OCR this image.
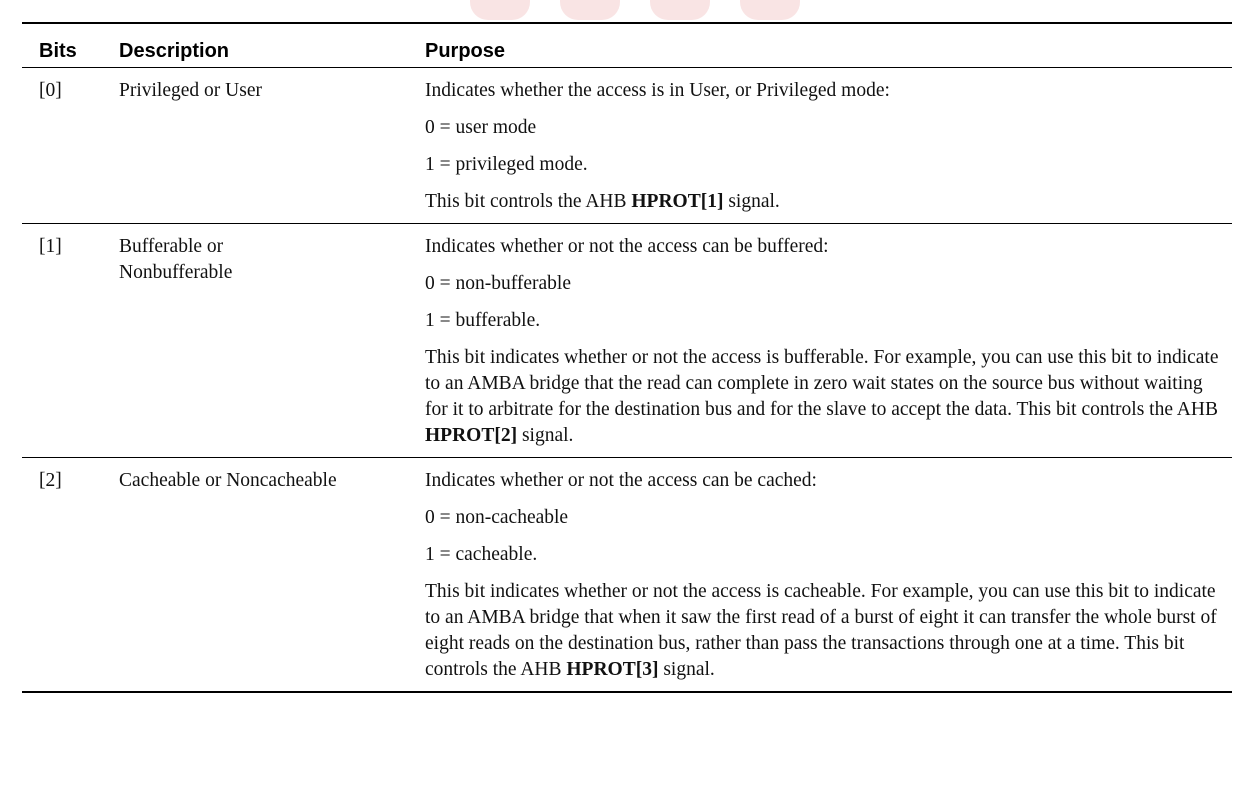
Bits	Description	Purpose
[0]	Privileged or User	Indicates whether the access is in User, or Privileged mode:
0 = user mode
1 = privileged mode.
This bit controls the AHB HPROT[1] signal.

[1]	Bufferable or
Nonbufferable	Indicates whether or not the access can be buffered:
0 = non-bufferable
1 = bufferable.
This bit indicates whether or not the access is bufferable. For example, you can use this bit to indicate to an AMBA bridge that the read can complete in zero wait states on the source bus without waiting for it to arbitrate for the destination bus and for the slave to accept the data. This bit controls the AHB HPROT[2] signal.

[2]	Cacheable or Noncacheable	Indicates whether or not the access can be cached:
0 = non-cacheable
1 = cacheable.
This bit indicates whether or not the access is cacheable. For example, you can use this bit to indicate to an AMBA bridge that when it saw the first read of a burst of eight it can transfer the whole burst of eight reads on the destination bus, rather than pass the transactions through one at a time. This bit controls the AHB HPROT[3] signal.
